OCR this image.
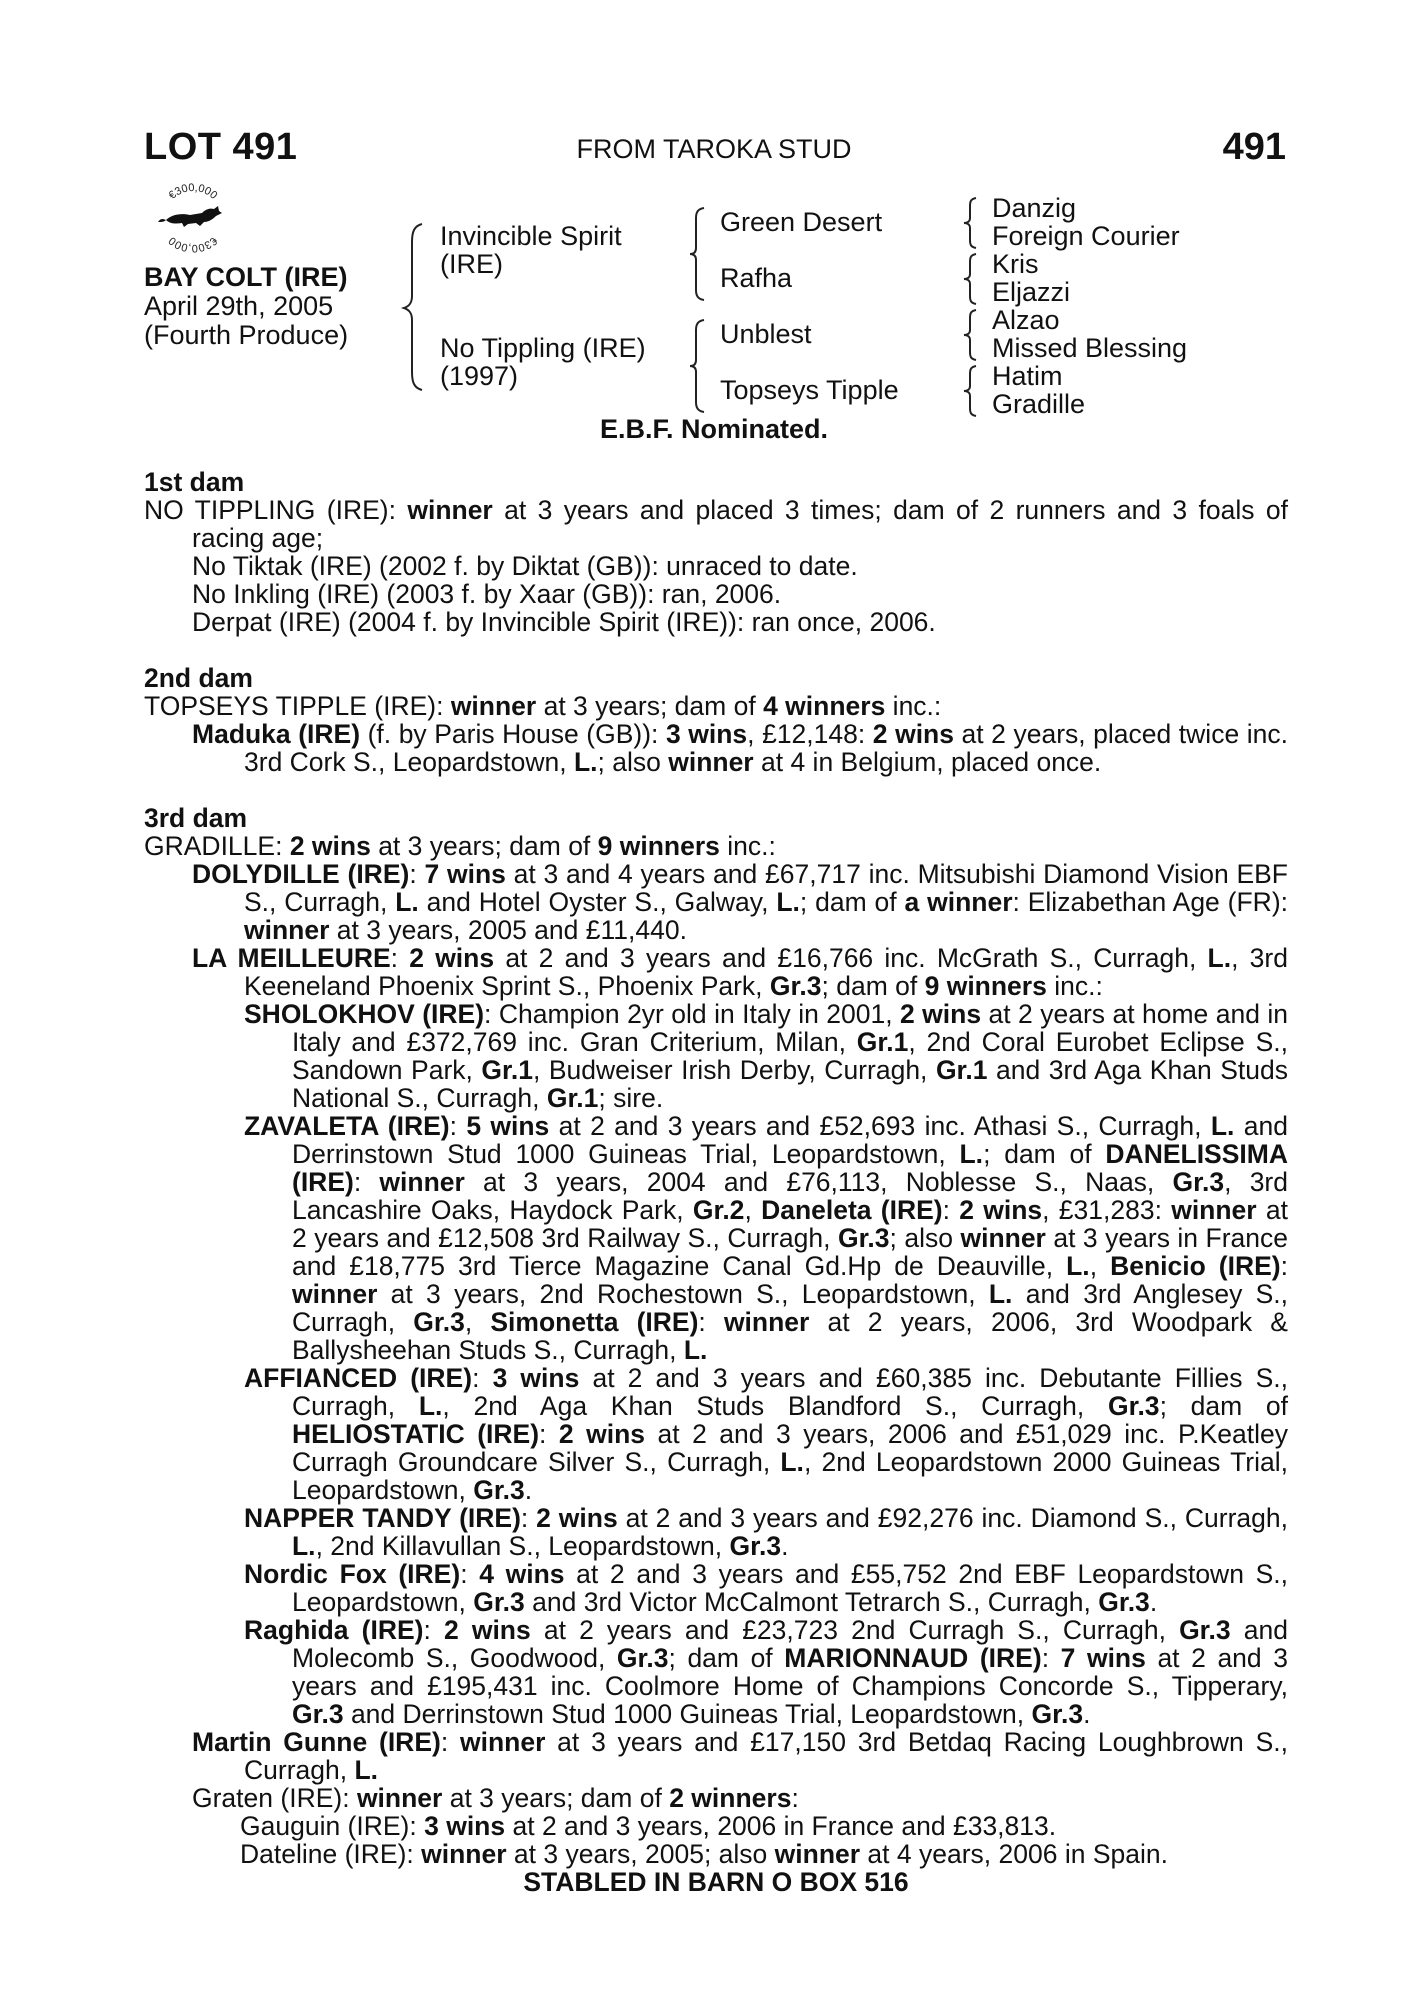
LOT 491	FROM TAROKA STUD	491
€300,000
€300,000
BAY COLT (IRE)
April 29th, 2005
(Fourth Produce)
Invincible Spirit
(IRE)
No Tippling (IRE)
(1997)
Green Desert
Rafha
Unblest
Topseys Tipple
Danzig
Foreign Courier
Kris
Eljazzi
Alzao
Missed Blessing
Hatim
Gradille
E.B.F. Nominated.
1st dam
NO TIPPLING (IRE): winner at 3 years and placed 3 times; dam of 2 runners and 3 foals of racing age;
No Tiktak (IRE) (2002 f. by Diktat (GB)): unraced to date.
No Inkling (IRE) (2003 f. by Xaar (GB)): ran, 2006.
Derpat (IRE) (2004 f. by Invincible Spirit (IRE)): ran once, 2006.
2nd dam
TOPSEYS TIPPLE (IRE): winner at 3 years; dam of 4 winners inc.:
Maduka (IRE) (f. by Paris House (GB)): 3 wins, £12,148: 2 wins at 2 years, placed twice inc. 3rd Cork S., Leopardstown, L.; also winner at 4 in Belgium, placed once.
3rd dam
GRADILLE: 2 wins at 3 years; dam of 9 winners inc.:
DOLYDILLE (IRE): 7 wins at 3 and 4 years and £67,717 inc. Mitsubishi Diamond Vision EBF S., Curragh, L. and Hotel Oyster S., Galway, L.; dam of a winner: Elizabethan Age (FR): winner at 3 years, 2005 and £11,440.
LA MEILLEURE: 2 wins at 2 and 3 years and £16,766 inc. McGrath S., Curragh, L., 3rd Keeneland Phoenix Sprint S., Phoenix Park, Gr.3; dam of 9 winners inc.:
SHOLOKHOV (IRE): Champion 2yr old in Italy in 2001, 2 wins at 2 years at home and in Italy and £372,769 inc. Gran Criterium, Milan, Gr.1, 2nd Coral Eurobet Eclipse S., Sandown Park, Gr.1, Budweiser Irish Derby, Curragh, Gr.1 and 3rd Aga Khan Studs National S., Curragh, Gr.1; sire.
ZAVALETA (IRE): 5 wins at 2 and 3 years and £52,693 inc. Athasi S., Curragh, L. and Derrinstown Stud 1000 Guineas Trial, Leopardstown, L.; dam of DANELISSIMA (IRE): winner at 3 years, 2004 and £76,113, Noblesse S., Naas, Gr.3, 3rd Lancashire Oaks, Haydock Park, Gr.2, Daneleta (IRE): 2 wins, £31,283: winner at 2 years and £12,508 3rd Railway S., Curragh, Gr.3; also winner at 3 years in France and £18,775 3rd Tierce Magazine Canal Gd.Hp de Deauville, L., Benicio (IRE): winner at 3 years, 2nd Rochestown S., Leopardstown, L. and 3rd Anglesey S., Curragh, Gr.3, Simonetta (IRE): winner at 2 years, 2006, 3rd Woodpark & Ballysheehan Studs S., Curragh, L.
AFFIANCED (IRE): 3 wins at 2 and 3 years and £60,385 inc. Debutante Fillies S., Curragh, L., 2nd Aga Khan Studs Blandford S., Curragh, Gr.3; dam of HELIOSTATIC (IRE): 2 wins at 2 and 3 years, 2006 and £51,029 inc. P.Keatley Curragh Groundcare Silver S., Curragh, L., 2nd Leopardstown 2000 Guineas Trial, Leopardstown, Gr.3.
NAPPER TANDY (IRE): 2 wins at 2 and 3 years and £92,276 inc. Diamond S., Curragh, L., 2nd Killavullan S., Leopardstown, Gr.3.
Nordic Fox (IRE): 4 wins at 2 and 3 years and £55,752 2nd EBF Leopardstown S., Leopardstown, Gr.3 and 3rd Victor McCalmont Tetrarch S., Curragh, Gr.3.
Raghida (IRE): 2 wins at 2 years and £23,723 2nd Curragh S., Curragh, Gr.3 and Molecomb S., Goodwood, Gr.3; dam of MARIONNAUD (IRE): 7 wins at 2 and 3 years and £195,431 inc. Coolmore Home of Champions Concorde S., Tipperary, Gr.3 and Derrinstown Stud 1000 Guineas Trial, Leopardstown, Gr.3.
Martin Gunne (IRE): winner at 3 years and £17,150 3rd Betdaq Racing Loughbrown S., Curragh, L.
Graten (IRE): winner at 3 years; dam of 2 winners:
Gauguin (IRE): 3 wins at 2 and 3 years, 2006 in France and £33,813.
Dateline (IRE): winner at 3 years, 2005; also winner at 4 years, 2006 in Spain.
STABLED IN BARN O BOX 516
